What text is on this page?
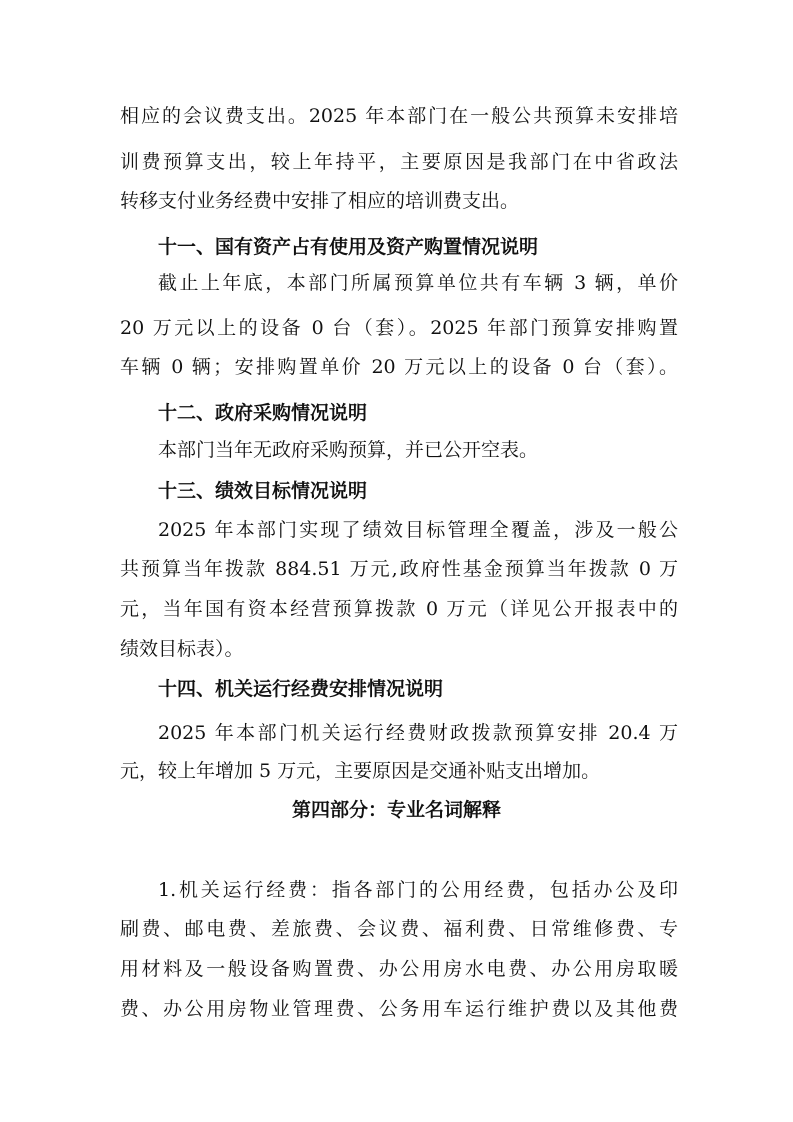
相应的会议费支出。2025 年本部门在一般公共预算未安排培
训费预算支出，较上年持平，主要原因是我部门在中省政法
转移支付业务经费中安排了相应的培训费支出。
十一、国有资产占有使用及资产购置情况说明
截止上年底，本部门所属预算单位共有车辆 3 辆，单价
20 万元以上的设备 0 台（套）。2025 年部门预算安排购置
车辆 0 辆；安排购置单价 20 万元以上的设备 0 台（套）。
十二、政府采购情况说明
本部门当年无政府采购预算，并已公开空表。
十三、绩效目标情况说明
2025 年本部门实现了绩效目标管理全覆盖，涉及一般公
共预算当年拨款 884.51 万元,政府性基金预算当年拨款 0 万
元，当年国有资本经营预算拨款 0 万元（详见公开报表中的
绩效目标表）。
十四、机关运行经费安排情况说明
2025 年本部门机关运行经费财政拨款预算安排 20.4 万
元，较上年增加 5 万元，主要原因是交通补贴支出增加。
第四部分：专业名词解释
1.机关运行经费：指各部门的公用经费，包括办公及印
刷费、邮电费、差旅费、会议费、福利费、日常维修费、专
用材料及一般设备购置费、办公用房水电费、办公用房取暖
费、办公用房物业管理费、公务用车运行维护费以及其他费
